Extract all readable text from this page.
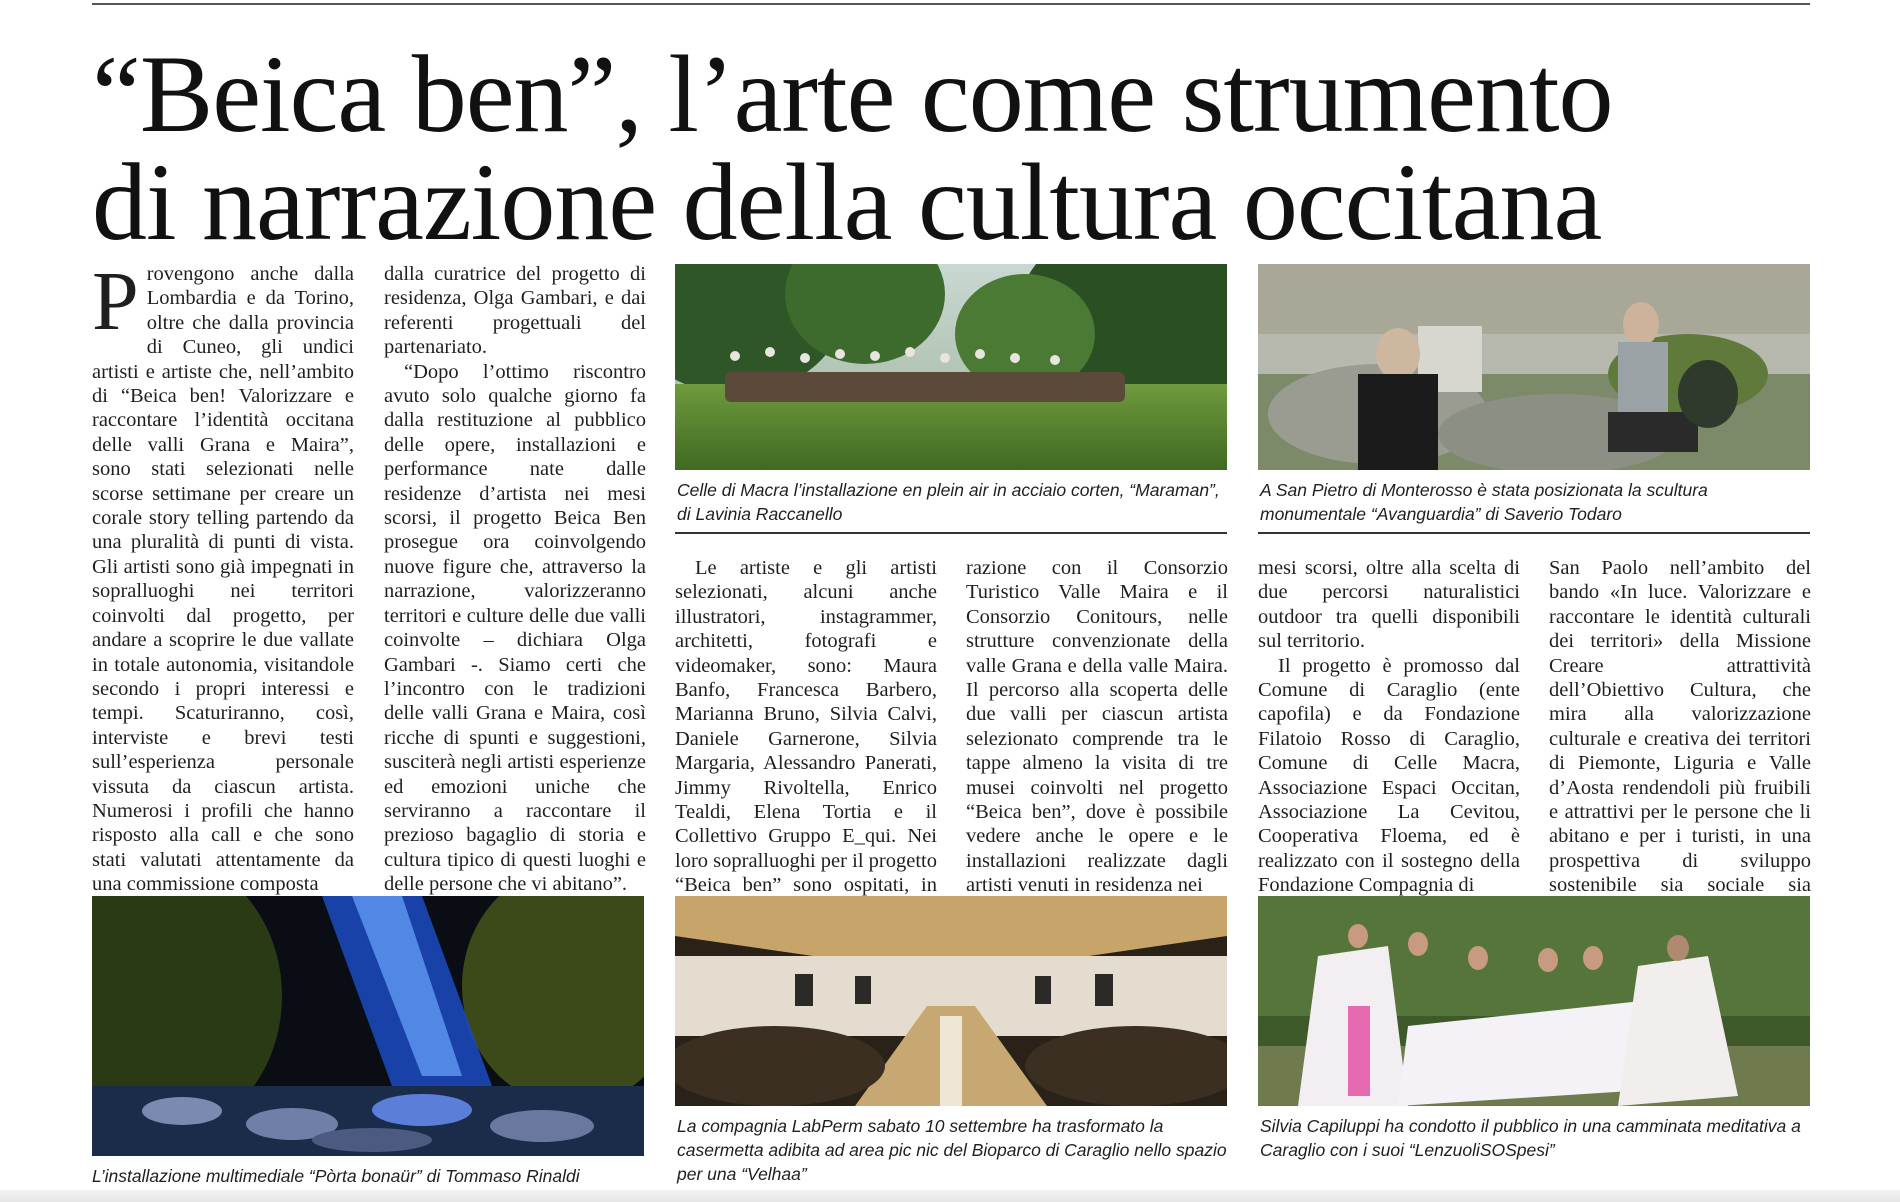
“Beica ben”, l’arte come strumento
di narrazione della cultura occitana

Provengono anche dalla Lombardia e da Torino, oltre che dalla provincia di Cuneo, gli undici artisti e artiste che, nell’ambito di “Beica ben! Valorizzare e raccontare l’identità occitana delle valli Grana e Maira”, sono stati selezionati nelle scorse settimane per creare un corale story telling partendo da una pluralità di punti di vista. Gli artisti sono già impegnati in sopralluoghi nei territori coinvolti dal progetto, per andare a scoprire le due vallate in totale autonomia, visitandole secondo i propri interessi e tempi. Scaturiranno, così, interviste e brevi testi sull’esperienza personale vissuta da ciascun artista. Numerosi i profili che hanno risposto alla call e che sono stati valutati attentamente da una commissione composta

dalla curatrice del progetto di residenza, Olga Gambari, e dai referenti progettuali del partenariato.

“Dopo l’ottimo riscontro avuto solo qualche giorno fa dalla restituzione al pubblico delle opere, installazioni e performance nate dalle residenze d’artista nei mesi scorsi, il progetto Beica Ben prosegue ora coinvolgendo nuove figure che, attraverso la narrazione, valorizzeranno territori e culture delle due valli coinvolte – dichiara Olga Gambari -. Siamo certi che l’incontro con le tradizioni delle valli Grana e Maira, così ricche di spunti e suggestioni, susciterà negli artisti esperienze ed emozioni uniche che serviranno a raccontare il prezioso bagaglio di storia e cultura tipico di questi luoghi e delle persone che vi abitano”.

Celle di Macra l’installazione en plein air in acciaio corten, “Maraman”, di Lavinia Raccanello
A San Pietro di Monterosso è stata posizionata la scultura monumentale “Avanguardia” di Saverio Todaro

Le artiste e gli artisti selezionati, alcuni anche illustratori, instagrammer, architetti, fotografi e videomaker, sono: Maura Banfo, Francesca Barbero, Marianna Bruno, Silvia Calvi, Daniele Garnerone, Silvia Margaria, Alessandro Panerati, Jimmy Rivoltella, Enrico Tealdi, Elena Tortia e il Collettivo Gruppo E_qui. Nei loro sopralluoghi per il progetto “Beica ben” sono ospitati, in

razione con il Consorzio Turistico Valle Maira e il Consorzio Conitours, nelle strutture convenzionate della valle Grana e della valle Maira. Il percorso alla scoperta delle due valli per ciascun artista selezionato comprende tra le tappe almeno la visita di tre musei coinvolti nel progetto “Beica ben”, dove è possibile vedere anche le opere e le installazioni realizzate dagli artisti venuti in residenza nei

mesi scorsi, oltre alla scelta di due percorsi naturalistici outdoor tra quelli disponibili sul territorio.

Il progetto è promosso dal Comune di Caraglio (ente capofila) e da Fondazione Filatoio Rosso di Caraglio, Comune di Celle Macra, Associazione Espaci Occitan, Associazione La Cevitou, Cooperativa Floema, ed è realizzato con il sostegno della Fondazione Compagnia di

San Paolo nell’ambito del bando «In luce. Valorizzare e raccontare le identità culturali dei territori» della Missione Creare attrattività dell’Obiettivo Cultura, che mira alla valorizzazione culturale e creativa dei territori di Piemonte, Liguria e Valle d’Aosta rendendoli più fruibili e attrattivi per le persone che li abitano e per i turisti, in una prospettiva di sviluppo sostenibile sia sociale sia

L’installazione multimediale “Pòrta bonaür” di Tommaso Rinaldi
La compagnia LabPerm sabato 10 settembre ha trasformato la casermetta adibita ad area pic nic del Bioparco di Caraglio nello spazio per una “Velhaa”
Silvia Capiluppi ha condotto il pubblico in una camminata meditativa a Caraglio con i suoi “LenzuoliSOSpesi”
